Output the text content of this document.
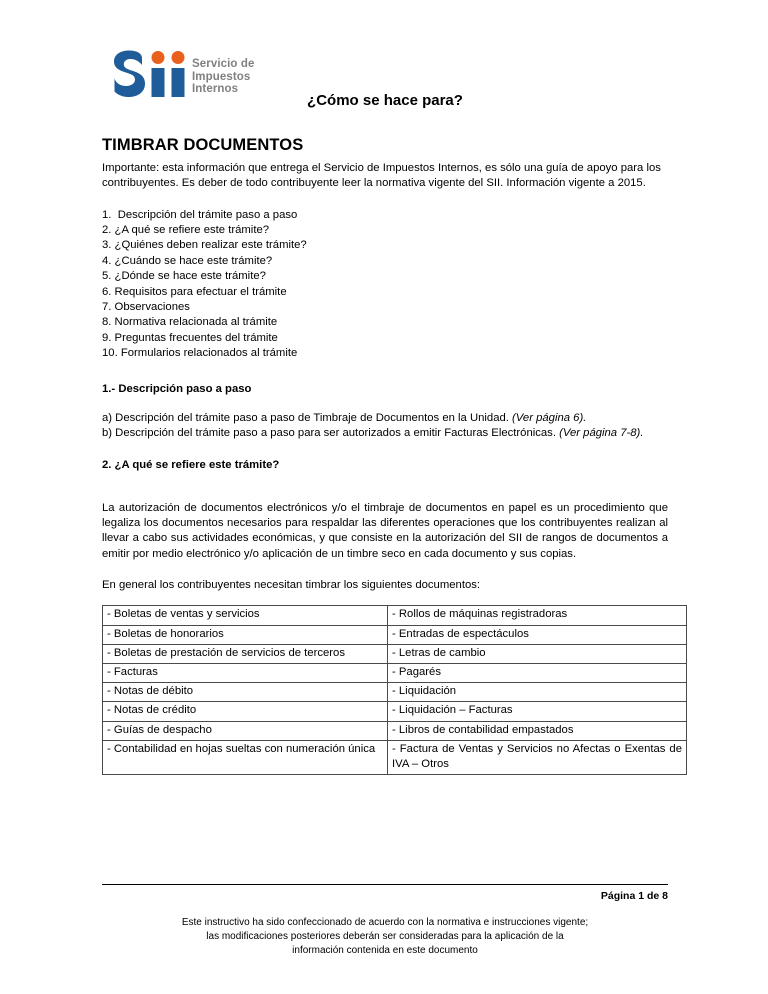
Servicio de
Impuestos
Internos
¿Cómo se hace para?
TIMBRAR DOCUMENTOS

Importante: esta información que entrega el Servicio de Impuestos Internos, es sólo una guía de apoyo para los contribuyentes. Es deber de todo contribuyente leer la normativa vigente del SII. Información vigente a 2015.

1.  Descripción del trámite paso a paso
2. ¿A qué se refiere este trámite?
3. ¿Quiénes deben realizar este trámite?
4. ¿Cuándo se hace este trámite?
5. ¿Dónde se hace este trámite?
6. Requisitos para efectuar el trámite
7. Observaciones
8. Normativa relacionada al trámite
9. Preguntas frecuentes del trámite
10. Formularios relacionados al trámite
1.- Descripción paso a paso

a) Descripción del trámite paso a paso de Timbraje de Documentos en la Unidad. (Ver página 6).

b) Descripción del trámite paso a paso para ser autorizados a emitir Facturas Electrónicas. (Ver página 7-8).

2. ¿A qué se refiere este trámite?

La autorización de documentos electrónicos y/o el timbraje de documentos en papel es un procedimiento que legaliza los documentos necesarios para respaldar las diferentes operaciones que los contribuyentes realizan al llevar a cabo sus actividades económicas, y que consiste en la autorización del SII de rangos de documentos a emitir por medio electrónico y/o aplicación de un timbre seco en cada documento y sus copias.

En general los contribuyentes necesitan timbrar los siguientes documentos:

- Boletas de ventas y servicios	- Rollos de máquinas registradoras
- Boletas de honorarios	- Entradas de espectáculos
- Boletas de prestación de servicios de terceros	- Letras de cambio
- Facturas	- Pagarés
- Notas de débito	- Liquidación
- Notas de crédito	- Liquidación – Facturas
- Guías de despacho	- Libros de contabilidad empastados
- Contabilidad en hojas sueltas con numeración única	- Factura de Ventas y Servicios no Afectas o Exentas de IVA – Otros
Página 1 de 8
Este instructivo ha sido confeccionado de acuerdo con la normativa e instrucciones vigente;
las modificaciones posteriores deberán ser consideradas para la aplicación de la
información contenida en este documento
